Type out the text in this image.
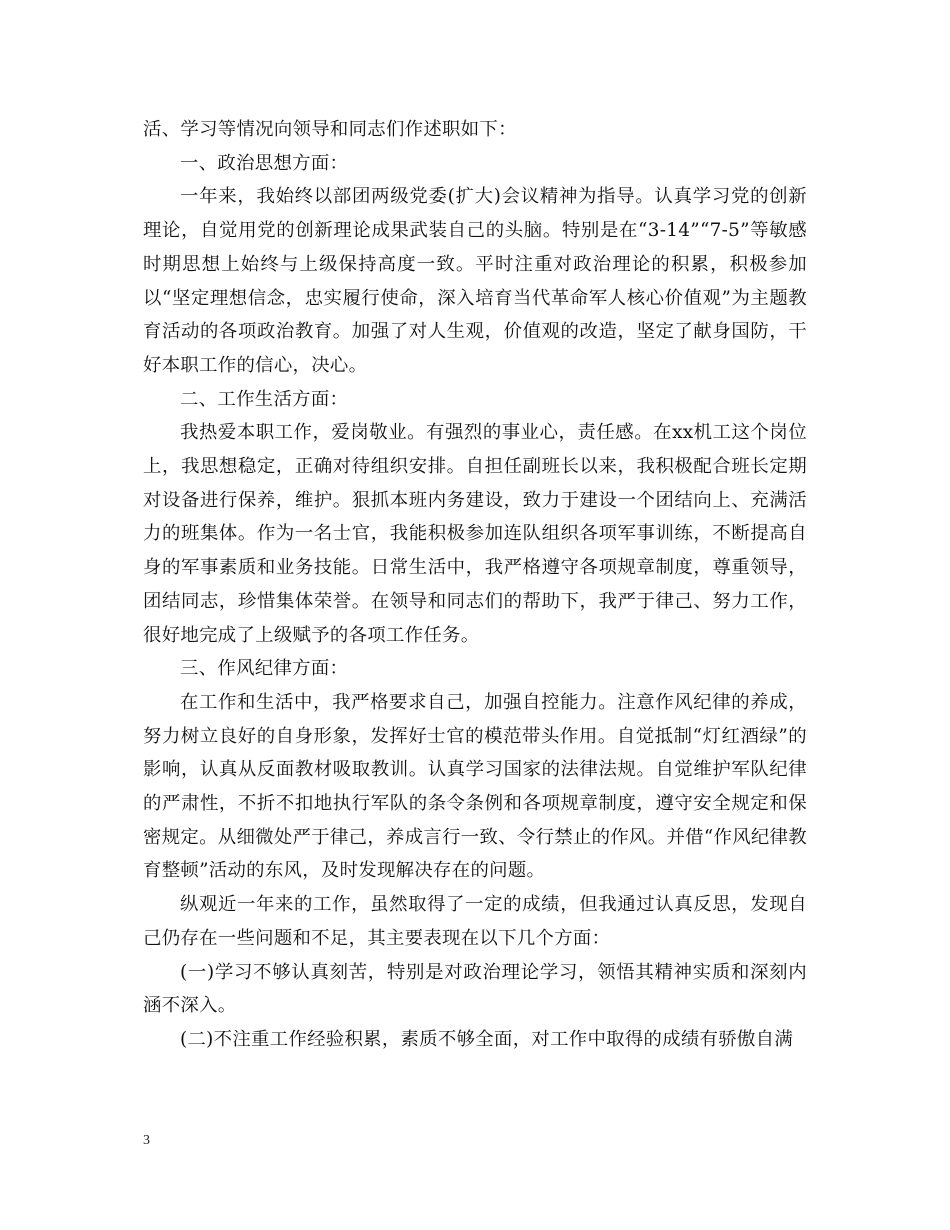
活、学习等情况向领导和同志们作述职如下：

一、政治思想方面：

一年来，我始终以部团两级党委(扩大)会议精神为指导。认真学习党的创新理论，自觉用党的创新理论成果武装自己的头脑。特别是在“3-14”“7-5”等敏感时期思想上始终与上级保持高度一致。平时注重对政治理论的积累，积极参加以“坚定理想信念，忠实履行使命，深入培育当代革命军人核心价值观”为主题教育活动的各项政治教育。加强了对人生观，价值观的改造，坚定了献身国防，干好本职工作的信心，决心。

二、工作生活方面：

我热爱本职工作，爱岗敬业。有强烈的事业心，责任感。在xx机工这个岗位上，我思想稳定，正确对待组织安排。自担任副班长以来，我积极配合班长定期对设备进行保养，维护。狠抓本班内务建设，致力于建设一个团结向上、充满活力的班集体。作为一名士官，我能积极参加连队组织各项军事训练，不断提高自身的军事素质和业务技能。日常生活中，我严格遵守各项规章制度，尊重领导，团结同志，珍惜集体荣誉。在领导和同志们的帮助下，我严于律己、努力工作，很好地完成了上级赋予的各项工作任务。

三、作风纪律方面：

在工作和生活中，我严格要求自己，加强自控能力。注意作风纪律的养成，努力树立良好的自身形象，发挥好士官的模范带头作用。自觉抵制“灯红酒绿”的影响，认真从反面教材吸取教训。认真学习国家的法律法规。自觉维护军队纪律的严肃性，不折不扣地执行军队的条令条例和各项规章制度，遵守安全规定和保密规定。从细微处严于律己，养成言行一致、令行禁止的作风。并借“作风纪律教育整顿”活动的东风，及时发现解决存在的问题。

纵观近一年来的工作，虽然取得了一定的成绩，但我通过认真反思，发现自己仍存在一些问题和不足，其主要表现在以下几个方面：

(一)学习不够认真刻苦，特别是对政治理论学习，领悟其精神实质和深刻内涵不深入。

(二)不注重工作经验积累，素质不够全面，对工作中取得的成绩有骄傲自满

3
